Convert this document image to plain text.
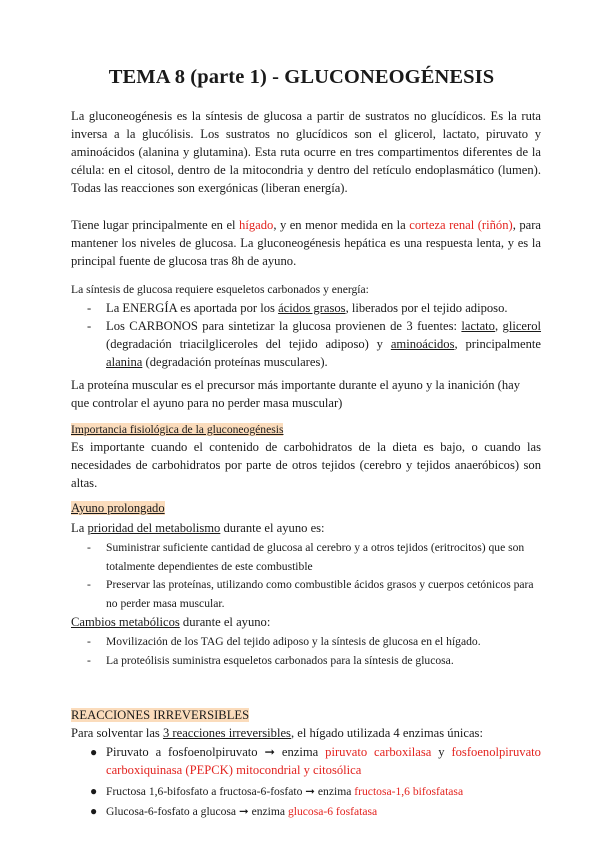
TEMA 8 (parte 1) - GLUCONEOGÉNESIS
La gluconeogénesis es la síntesis de glucosa a partir de sustratos no glucídicos. Es la ruta inversa a la glucólisis. Los sustratos no glucídicos son el glicerol, lactato, piruvato y aminoácidos (alanina y glutamina). Esta ruta ocurre en tres compartimentos diferentes de la célula: en el citosol, dentro de la mitocondria y dentro del retículo endoplasmático (lumen). Todas las reacciones son exergónicas (liberan energía).
Tiene lugar principalmente en el hígado, y en menor medida en la corteza renal (riñón), para mantener los niveles de glucosa. La gluconeogénesis hepática es una respuesta lenta, y es la principal fuente de glucosa tras 8h de ayuno.
La síntesis de glucosa requiere esqueletos carbonados y energía:
- La ENERGÍA es aportada por los ácidos grasos, liberados por el tejido adiposo.
- Los CARBONOS para sintetizar la glucosa provienen de 3 fuentes: lactato, glicerol (degradación triacilgliceroles del tejido adiposo) y aminoácidos, principalmente alanina (degradación proteínas musculares).
La proteína muscular es el precursor más importante durante el ayuno y la inanición (hay que controlar el ayuno para no perder masa muscular)
Importancia fisiológica de la gluconeogénesis
Es importante cuando el contenido de carbohidratos de la dieta es bajo, o cuando las necesidades de carbohidratos por parte de otros tejidos (cerebro y tejidos anaeróbicos) son altas.
Ayuno prolongado
La prioridad del metabolismo durante el ayuno es:
- Suministrar suficiente cantidad de glucosa al cerebro y a otros tejidos (eritrocitos) que son totalmente dependientes de este combustible
- Preservar las proteínas, utilizando como combustible ácidos grasos y cuerpos cetónicos para no perder masa muscular.
Cambios metabólicos durante el ayuno:
- Movilización de los TAG del tejido adiposo y la síntesis de glucosa en el hígado.
- La proteólisis suministra esqueletos carbonados para la síntesis de glucosa.
REACCIONES IRREVERSIBLES
Para solventar las 3 reacciones irreversibles, el hígado utilizada 4 enzimas únicas:
● Piruvato a fosfoenolpiruvato ➞ enzima piruvato carboxilasa y fosfoenolpiruvato carboxiquinasa (PEPCK) mitocondrial y citosólica
● Fructosa 1,6-bifosfato a fructosa-6-fosfato ➞ enzima fructosa-1,6 bifosfatasa
● Glucosa-6-fosfato a glucosa ➞ enzima glucosa-6 fosfatasa
